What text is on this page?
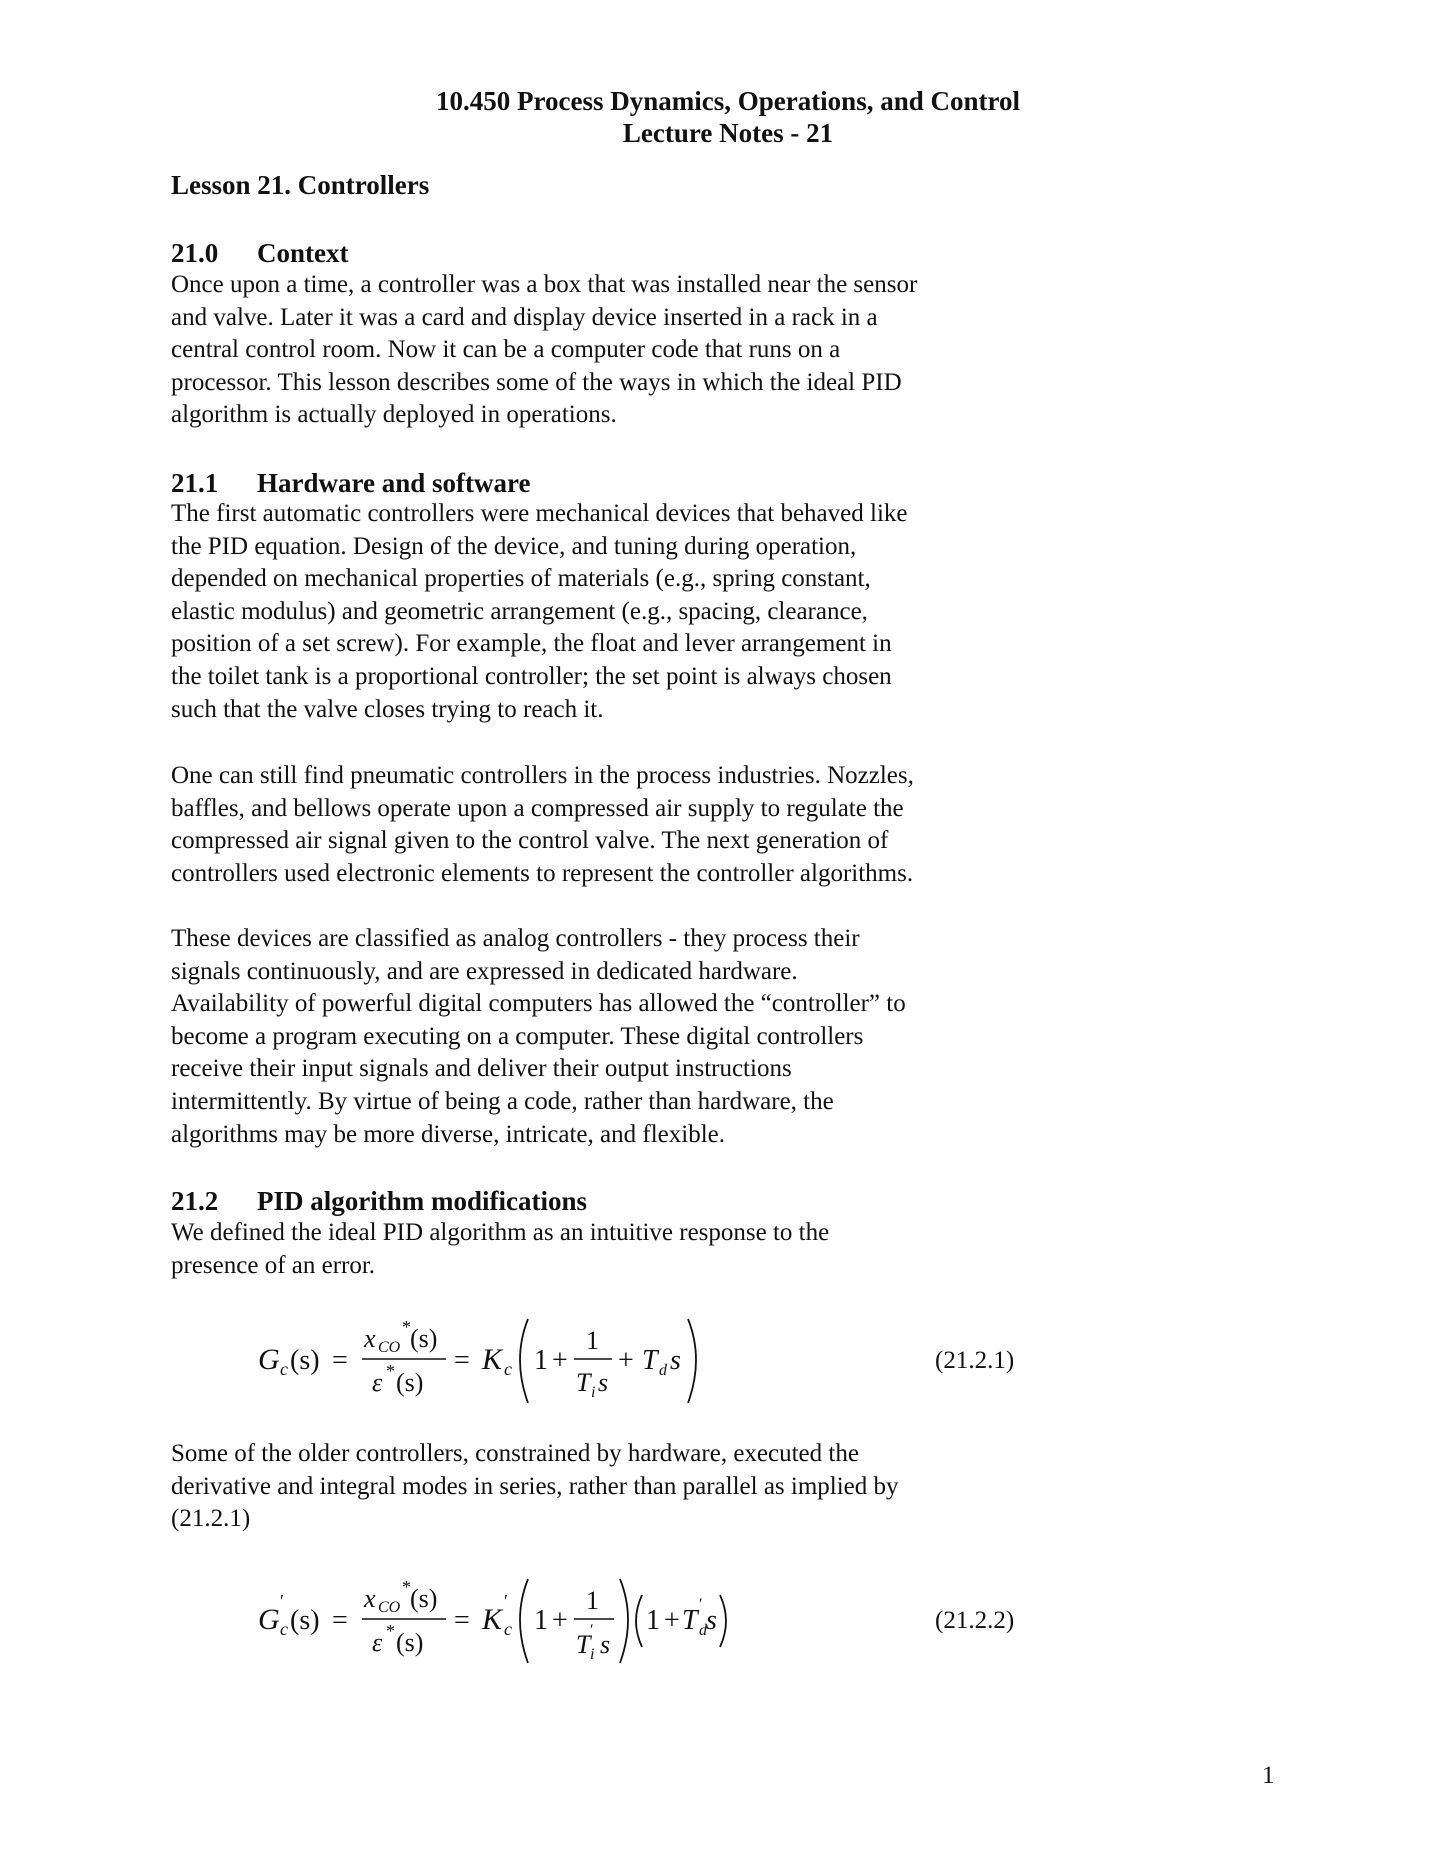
10.450 Process Dynamics, Operations, and Control
Lecture Notes - 21
Lesson 21. Controllers
21.0 Context

Once upon a time, a controller was a box that was installed near the sensor
and valve. Later it was a card and display device inserted in a rack in a
central control room. Now it can be a computer code that runs on a
processor. This lesson describes some of the ways in which the ideal PID
algorithm is actually deployed in operations.

21.1 Hardware and software

The first automatic controllers were mechanical devices that behaved like
the PID equation. Design of the device, and tuning during operation,
depended on mechanical properties of materials (e.g., spring constant,
elastic modulus) and geometric arrangement (e.g., spacing, clearance,
position of a set screw). For example, the float and lever arrangement in
the toilet tank is a proportional controller; the set point is always chosen
such that the valve closes trying to reach it.

One can still find pneumatic controllers in the process industries. Nozzles,
baffles, and bellows operate upon a compressed air supply to regulate the
compressed air signal given to the control valve. The next generation of
controllers used electronic elements to represent the controller algorithms.

These devices are classified as analog controllers - they process their
signals continuously, and are expressed in dedicated hardware.
Availability of powerful digital computers has allowed the “controller” to
become a program executing on a computer. These digital controllers
receive their input signals and deliver their output instructions
intermittently. By virtue of being a code, rather than hardware, the
algorithms may be more diverse, intricate, and flexible.

21.2 PID algorithm modifications

We defined the ideal PID algorithm as an intuitive response to the
presence of an error.

G c (s) =
x CO
* (s)
ε * (s)
= K c 1 +
1
T i s
+ T d s	(21.2.1)

Some of the older controllers, constrained by hardware, executed the
derivative and integral modes in series, rather than parallel as implied by
(21.2.1)

G
′
c (s) =
x CO
* (s)
ε * (s)
= K
′
c 1 +
1
T ′
i s
1 + T
′
d s	(21.2.2)
1
